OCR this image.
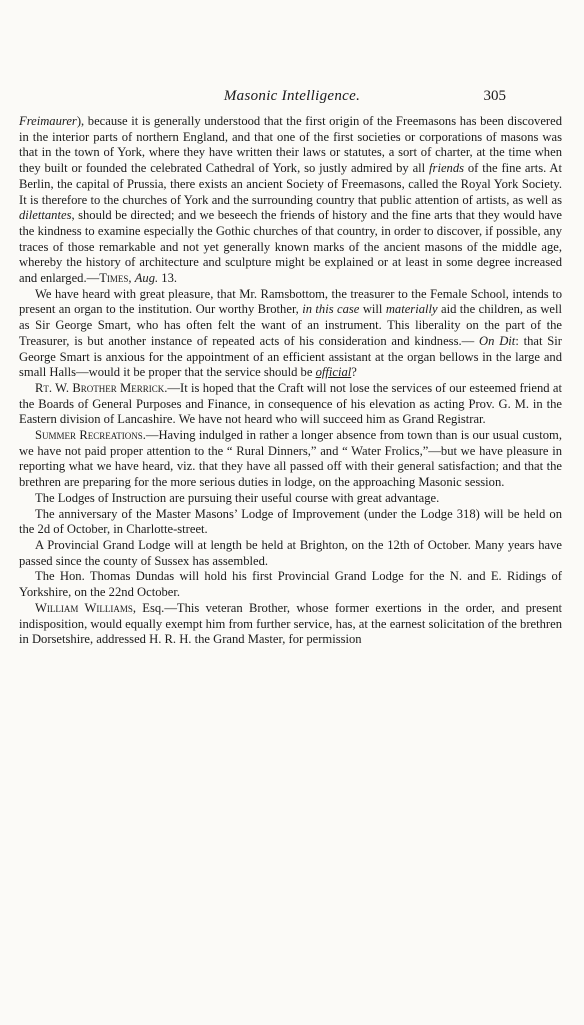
Masonic Intelligence.	305

Freimaurer), because it is generally understood that the first origin of the Freemasons has been discovered in the interior parts of northern England, and that one of the first societies or corporations of masons was that in the town of York, where they have written their laws or statutes, a sort of charter, at the time when they built or founded the celebrated Cathedral of York, so justly admired by all friends of the fine arts. At Berlin, the capital of Prussia, there exists an ancient Society of Freemasons, called the Royal York Society. It is therefore to the churches of York and the surrounding country that public attention of artists, as well as dilettantes, should be directed; and we beseech the friends of history and the fine arts that they would have the kindness to examine especially the Gothic churches of that country, in order to discover, if possible, any traces of those remarkable and not yet generally known marks of the ancient masons of the middle age, whereby the history of architecture and sculpture might be explained or at least in some degree increased and enlarged.—Times, Aug. 13.

We have heard with great pleasure, that Mr. Ramsbottom, the treasurer to the Female School, intends to present an organ to the institution. Our worthy Brother, in this case will materially aid the children, as well as Sir George Smart, who has often felt the want of an instrument. This liberality on the part of the Treasurer, is but another instance of repeated acts of his consideration and kindness.— On Dit: that Sir George Smart is anxious for the appointment of an efficient assistant at the organ bellows in the large and small Halls—would it be proper that the service should be official?

Rt. W. Brother Merrick.—It is hoped that the Craft will not lose the services of our esteemed friend at the Boards of General Purposes and Finance, in consequence of his elevation as acting Prov. G. M. in the Eastern division of Lancashire. We have not heard who will succeed him as Grand Registrar.

Summer Recreations.—Having indulged in rather a longer absence from town than is our usual custom, we have not paid proper attention to the “ Rural Dinners,” and “ Water Frolics,”—but we have pleasure in reporting what we have heard, viz. that they have all passed off with their general satisfaction; and that the brethren are preparing for the more serious duties in lodge, on the approaching Masonic session.

The Lodges of Instruction are pursuing their useful course with great advantage.

The anniversary of the Master Masons’ Lodge of Improvement (under the Lodge 318) will be held on the 2d of October, in Charlotte-street.

A Provincial Grand Lodge will at length be held at Brighton, on the 12th of October. Many years have passed since the county of Sussex has assembled.

The Hon. Thomas Dundas will hold his first Provincial Grand Lodge for the N. and E. Ridings of Yorkshire, on the 22nd October.

William Williams, Esq.—This veteran Brother, whose former exertions in the order, and present indisposition, would equally exempt him from further service, has, at the earnest solicitation of the brethren in Dorsetshire, addressed H. R. H. the Grand Master, for permission
